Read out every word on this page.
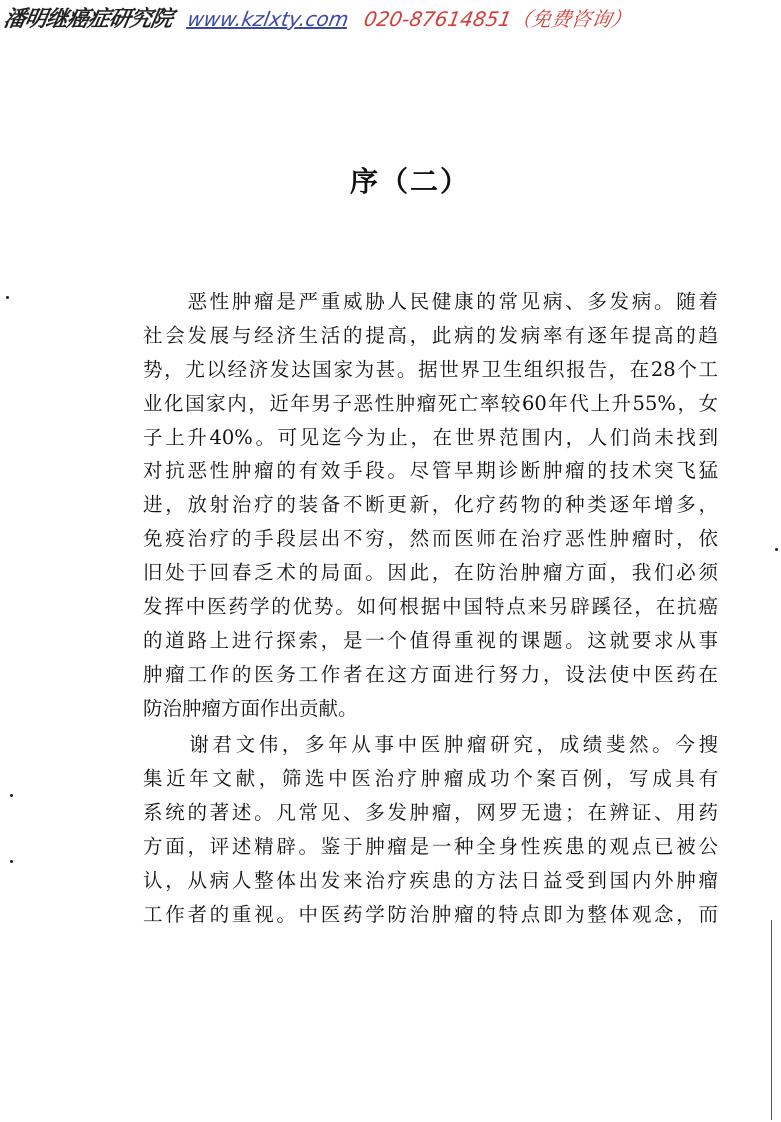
潘明继癌症研究院 www.kzlxty.com 020-87614851（免费咨询）
序（二）
　　恶性肿瘤是严重威胁人民健康的常见病、多发病。随着
社会发展与经济生活的提高，此病的发病率有逐年提高的趋
势，尤以经济发达国家为甚。据世界卫生组织报告，在28个工
业化国家内，近年男子恶性肿瘤死亡率较60年代上升55%，女
子上升40%。可见迄今为止，在世界范围内，人们尚未找到
对抗恶性肿瘤的有效手段。尽管早期诊断肿瘤的技术突飞猛
进，放射治疗的装备不断更新，化疗药物的种类逐年增多，
免疫治疗的手段层出不穷，然而医师在治疗恶性肿瘤时，依
旧处于回春乏术的局面。因此，在防治肿瘤方面，我们必须
发挥中医药学的优势。如何根据中国特点来另辟蹊径，在抗癌
的道路上进行探索，是一个值得重视的课题。这就要求从事
肿瘤工作的医务工作者在这方面进行努力，设法使中医药在
防治肿瘤方面作出贡献。
　　谢君文伟，多年从事中医肿瘤研究，成绩斐然。今搜
集近年文献，筛选中医治疗肿瘤成功个案百例，写成具有
系统的著述。凡常见、多发肿瘤，网罗无遗；在辨证、用药
方面，评述精辟。鉴于肿瘤是一种全身性疾患的观点已被公
认，从病人整体出发来治疗疾患的方法日益受到国内外肿瘤
工作者的重视。中医药学防治肿瘤的特点即为整体观念，而
